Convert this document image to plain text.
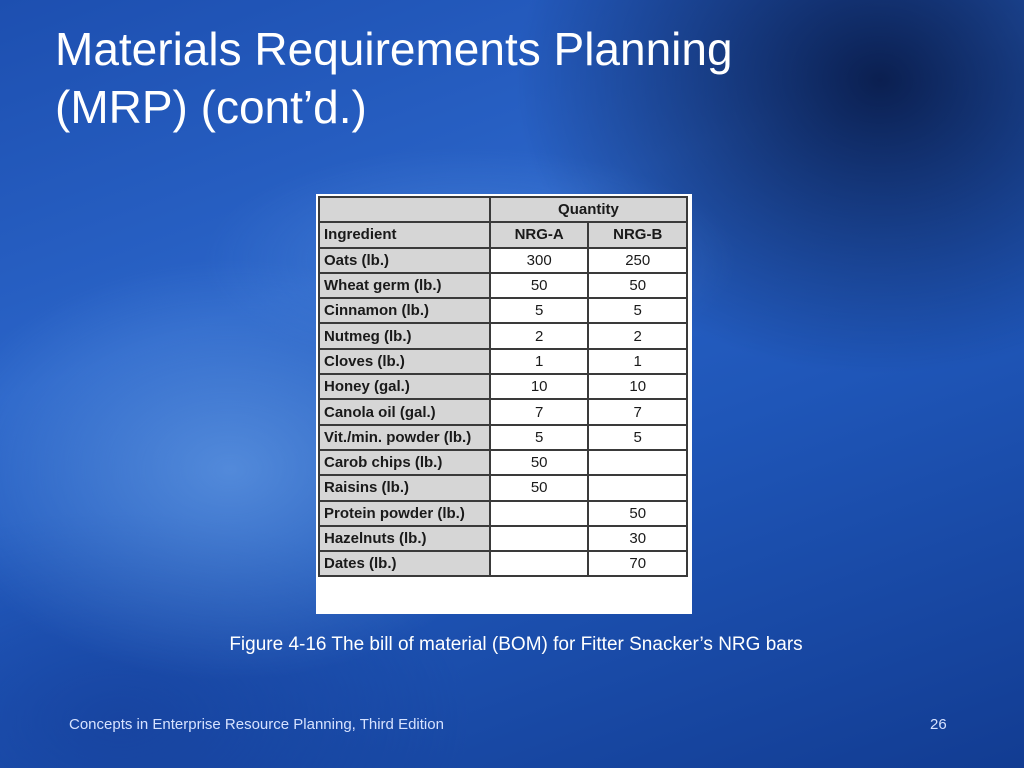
Materials Requirements Planning
(MRP) (cont’d.)
	Quantity	
Ingredient	NRG-A	NRG-B
Oats (lb.)	300	250
Wheat germ (lb.)	50	50
Cinnamon (lb.)	5	5
Nutmeg (lb.)	2	2
Cloves (lb.)	1	1
Honey (gal.)	10	10
Canola oil (gal.)	7	7
Vit./min. powder (lb.)	5	5
Carob chips (lb.)	50	
Raisins (lb.)	50	
Protein powder (lb.)		50
Hazelnuts (lb.)		30
Dates (lb.)		70
Figure 4-16 The bill of material (BOM) for Fitter Snacker’s NRG bars
Concepts in Enterprise Resource Planning, Third Edition	26
